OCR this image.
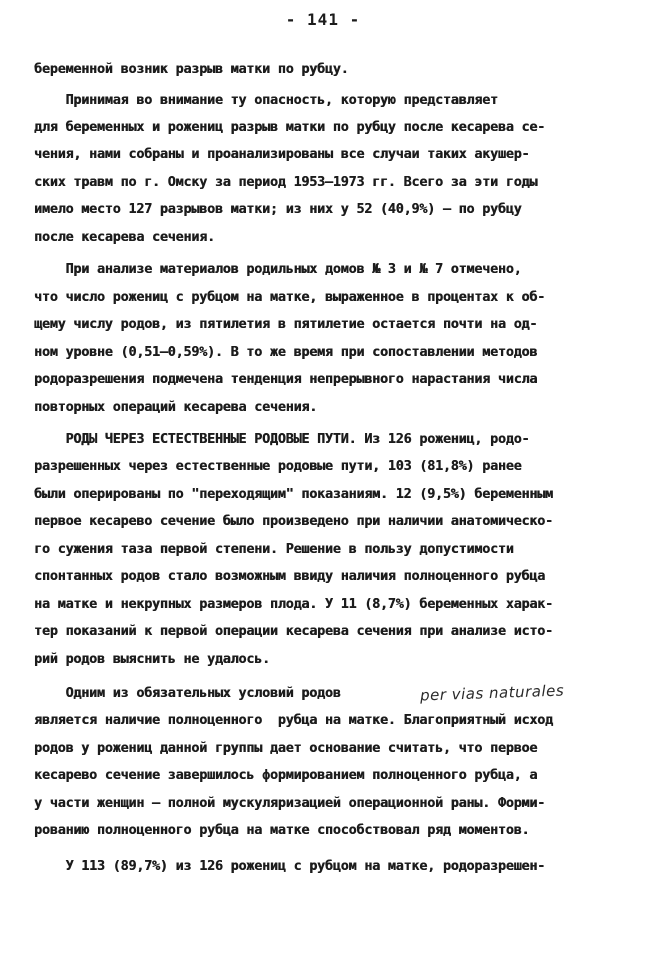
- 141 -
беременной возник разрыв матки по рубцу.
Принимая во внимание ту опасность, которую представляет
для беременных и рожениц разрыв матки по рубцу после кесарева се-
чения, нами собраны и проанализированы все случаи таких акушер-
ских травм по г. Омску за период 1953–1973 гг. Всего за эти годы
имело место 127 разрывов матки; из них у 52 (40,9%) – по рубцу
после кесарева сечения.
При анализе материалов родильных домов № 3 и № 7 отмечено,
что число рожениц с рубцом на матке, выраженное в процентах к об-
щему числу родов, из пятилетия в пятилетие остается почти на од-
ном уровне (0,51–0,59%). В то же время при сопоставлении методов
родоразрешения подмечена тенденция непрерывного нарастания числа
повторных операций кесарева сечения.
РОДЫ ЧЕРЕЗ ЕСТЕСТВЕННЫЕ РОДОВЫЕ ПУТИ. Из 126 рожениц, родо-
разрешенных через естественные родовые пути, 103 (81,8%) ранее
были оперированы по "переходящим" показаниям. 12 (9,5%) беременным
первое кесарево сечение было произведено при наличии анатомическо-
го сужения таза первой степени. Решение в пользу допустимости
спонтанных родов стало возможным ввиду наличия полноценного рубца
на матке и некрупных размеров плода. У 11 (8,7%) беременных харак-
тер показаний к первой операции кесарева сечения при анализе исто-
рий родов выяснить не удалось.
Одним из обязательных условий родов	per vias naturales
является наличие полноценного  рубца на матке. Благоприятный исход
родов у рожениц данной группы дает основание считать, что первое
кесарево сечение завершилось формированием полноценного рубца, а
у части женщин – полной мускуляризацией операционной раны. Форми-
рованию полноценного рубца на матке способствовал ряд моментов.
У 113 (89,7%) из 126 рожениц с рубцом на матке, родоразрешен-
